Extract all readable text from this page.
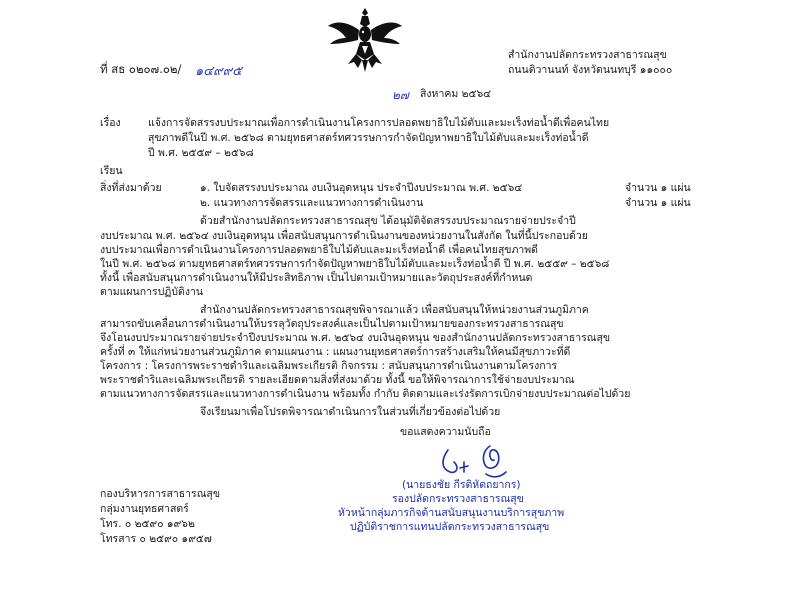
ที่ สธ ๐๒๐๗.๐๒/ ๑๔๙๙๕
สำนักงานปลัดกระทรวงสาธารณสุข
ถนนติวานนท์ จังหวัดนนทบุรี ๑๑๐๐๐
๒๗ สิงหาคม ๒๕๖๔
เรื่อง	แจ้งการจัดสรรงบประมาณเพื่อการดำเนินงานโครงการปลอดพยาธิใบไม้ตับและมะเร็งท่อน้ำดีเพื่อคนไทย
สุขภาพดีในปี พ.ศ. ๒๕๖๘ ตามยุทธศาสตร์ทศวรรษการกำจัดปัญหาพยาธิใบไม้ตับและมะเร็งท่อน้ำดี
ปี พ.ศ. ๒๕๕๙ – ๒๕๖๘
เรียน
สิ่งที่ส่งมาด้วย	๑. ใบจัดสรรงบประมาณ งบเงินอุดหนุน ประจำปีงบประมาณ พ.ศ. ๒๕๖๔	จำนวน ๑ แผ่น
๒. แนวทางการจัดสรรและแนวทางการดำเนินงาน	จำนวน ๑ แผ่น
ด้วยสำนักงานปลัดกระทรวงสาธารณสุข ได้อนุมัติจัดสรรงบประมาณรายจ่ายประจำปี
งบประมาณ พ.ศ. ๒๕๖๔ งบเงินอุดหนุน เพื่อสนับสนุนการดำเนินงานของหน่วยงานในสังกัด ในที่นี้ประกอบด้วย
งบประมาณเพื่อการดำเนินงานโครงการปลอดพยาธิใบไม้ตับและมะเร็งท่อน้ำดี เพื่อคนไทยสุขภาพดี
ในปี พ.ศ. ๒๕๖๘ ตามยุทธศาสตร์ทศวรรษการกำจัดปัญหาพยาธิใบไม้ตับและมะเร็งท่อน้ำดี ปี พ.ศ. ๒๕๕๙ – ๒๕๖๘
ทั้งนี้ เพื่อสนับสนุนการดำเนินงานให้มีประสิทธิภาพ เป็นไปตามเป้าหมายและวัตถุประสงค์ที่กำหนด
ตามแผนการปฏิบัติงาน
สำนักงานปลัดกระทรวงสาธารณสุขพิจารณาแล้ว เพื่อสนับสนุนให้หน่วยงานส่วนภูมิภาค
สามารถขับเคลื่อนการดำเนินงานให้บรรลุวัตถุประสงค์และเป็นไปตามเป้าหมายของกระทรวงสาธารณสุข
จึงโอนงบประมาณรายจ่ายประจำปีงบประมาณ พ.ศ. ๒๕๖๔ งบเงินอุดหนุน ของสำนักงานปลัดกระทรวงสาธารณสุข
ครั้งที่ ๓ ให้แก่หน่วยงานส่วนภูมิภาค ตามแผนงาน : แผนงานยุทธศาสตร์การสร้างเสริมให้คนมีสุขภาวะที่ดี
โครงการ : โครงการพระราชดำริและเฉลิมพระเกียรติ กิจกรรม : สนับสนุนการดำเนินงานตามโครงการ
พระราชดำริและเฉลิมพระเกียรติ รายละเอียดตามสิ่งที่ส่งมาด้วย ทั้งนี้ ขอให้พิจารณาการใช้จ่ายงบประมาณ
ตามแนวทางการจัดสรรและแนวทางการดำเนินงาน พร้อมทั้ง กำกับ ติดตามและเร่งรัดการเบิกจ่ายงบประมาณต่อไปด้วย
จึงเรียนมาเพื่อโปรดพิจารณาดำเนินการในส่วนที่เกี่ยวข้องต่อไปด้วย
ขอแสดงความนับถือ
(นายธงชัย กีรติหัตถยากร)
รองปลัดกระทรวงสาธารณสุข
หัวหน้ากลุ่มภารกิจด้านสนับสนุนงานบริการสุขภาพ
ปฏิบัติราชการแทนปลัดกระทรวงสาธารณสุข
กองบริหารการสาธารณสุข
กลุ่มงานยุทธศาสตร์
โทร. ๐ ๒๕๙๐ ๑๙๖๒
โทรสาร ๐ ๒๕๙๐ ๑๙๕๗
